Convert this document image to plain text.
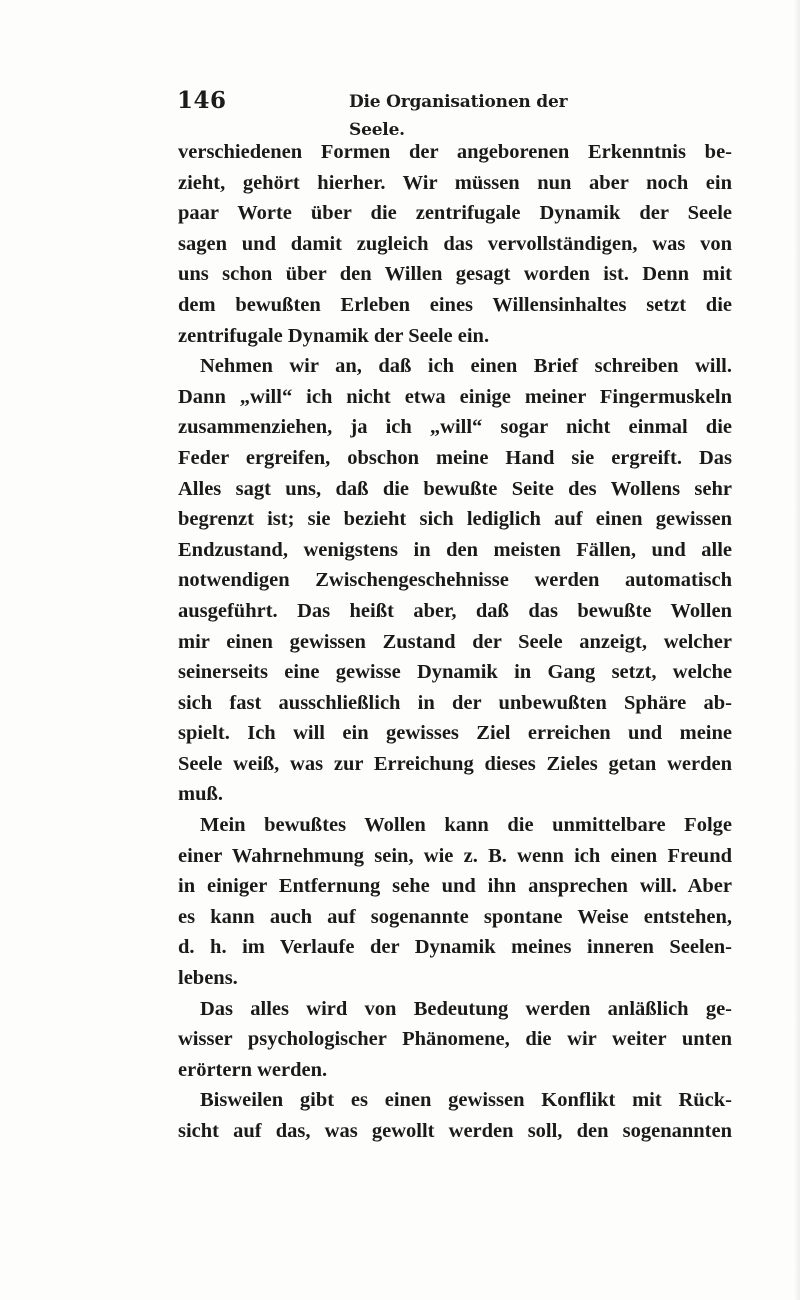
146	Die Organisationen der Seele.
verschiedenen Formen der angeborenen Erkenntnis be-
zieht, gehört hierher. Wir müssen nun aber noch ein
paar Worte über die zentrifugale Dynamik der Seele
sagen und damit zugleich das vervollständigen, was von
uns schon über den Willen gesagt worden ist. Denn mit
dem bewußten Erleben eines Willensinhaltes setzt die
zentrifugale Dynamik der Seele ein.
Nehmen wir an, daß ich einen Brief schreiben will.
Dann „will“ ich nicht etwa einige meiner Fingermuskeln
zusammenziehen, ja ich „will“ sogar nicht einmal die
Feder ergreifen, obschon meine Hand sie ergreift. Das
Alles sagt uns, daß die bewußte Seite des Wollens sehr
begrenzt ist; sie bezieht sich lediglich auf einen gewissen
Endzustand, wenigstens in den meisten Fällen, und alle
notwendigen Zwischengeschehnisse werden automatisch
ausgeführt. Das heißt aber, daß das bewußte Wollen
mir einen gewissen Zustand der Seele anzeigt, welcher
seinerseits eine gewisse Dynamik in Gang setzt, welche
sich fast ausschließlich in der unbewußten Sphäre ab-
spielt. Ich will ein gewisses Ziel erreichen und meine
Seele weiß, was zur Erreichung dieses Zieles getan werden
muß.
Mein bewußtes Wollen kann die unmittelbare Folge
einer Wahrnehmung sein, wie z. B. wenn ich einen Freund
in einiger Entfernung sehe und ihn ansprechen will. Aber
es kann auch auf sogenannte spontane Weise entstehen,
d. h. im Verlaufe der Dynamik meines inneren Seelen-
lebens.
Das alles wird von Bedeutung werden anläßlich ge-
wisser psychologischer Phänomene, die wir weiter unten
erörtern werden.
Bisweilen gibt es einen gewissen Konflikt mit Rück-
sicht auf das, was gewollt werden soll, den sogenannten
